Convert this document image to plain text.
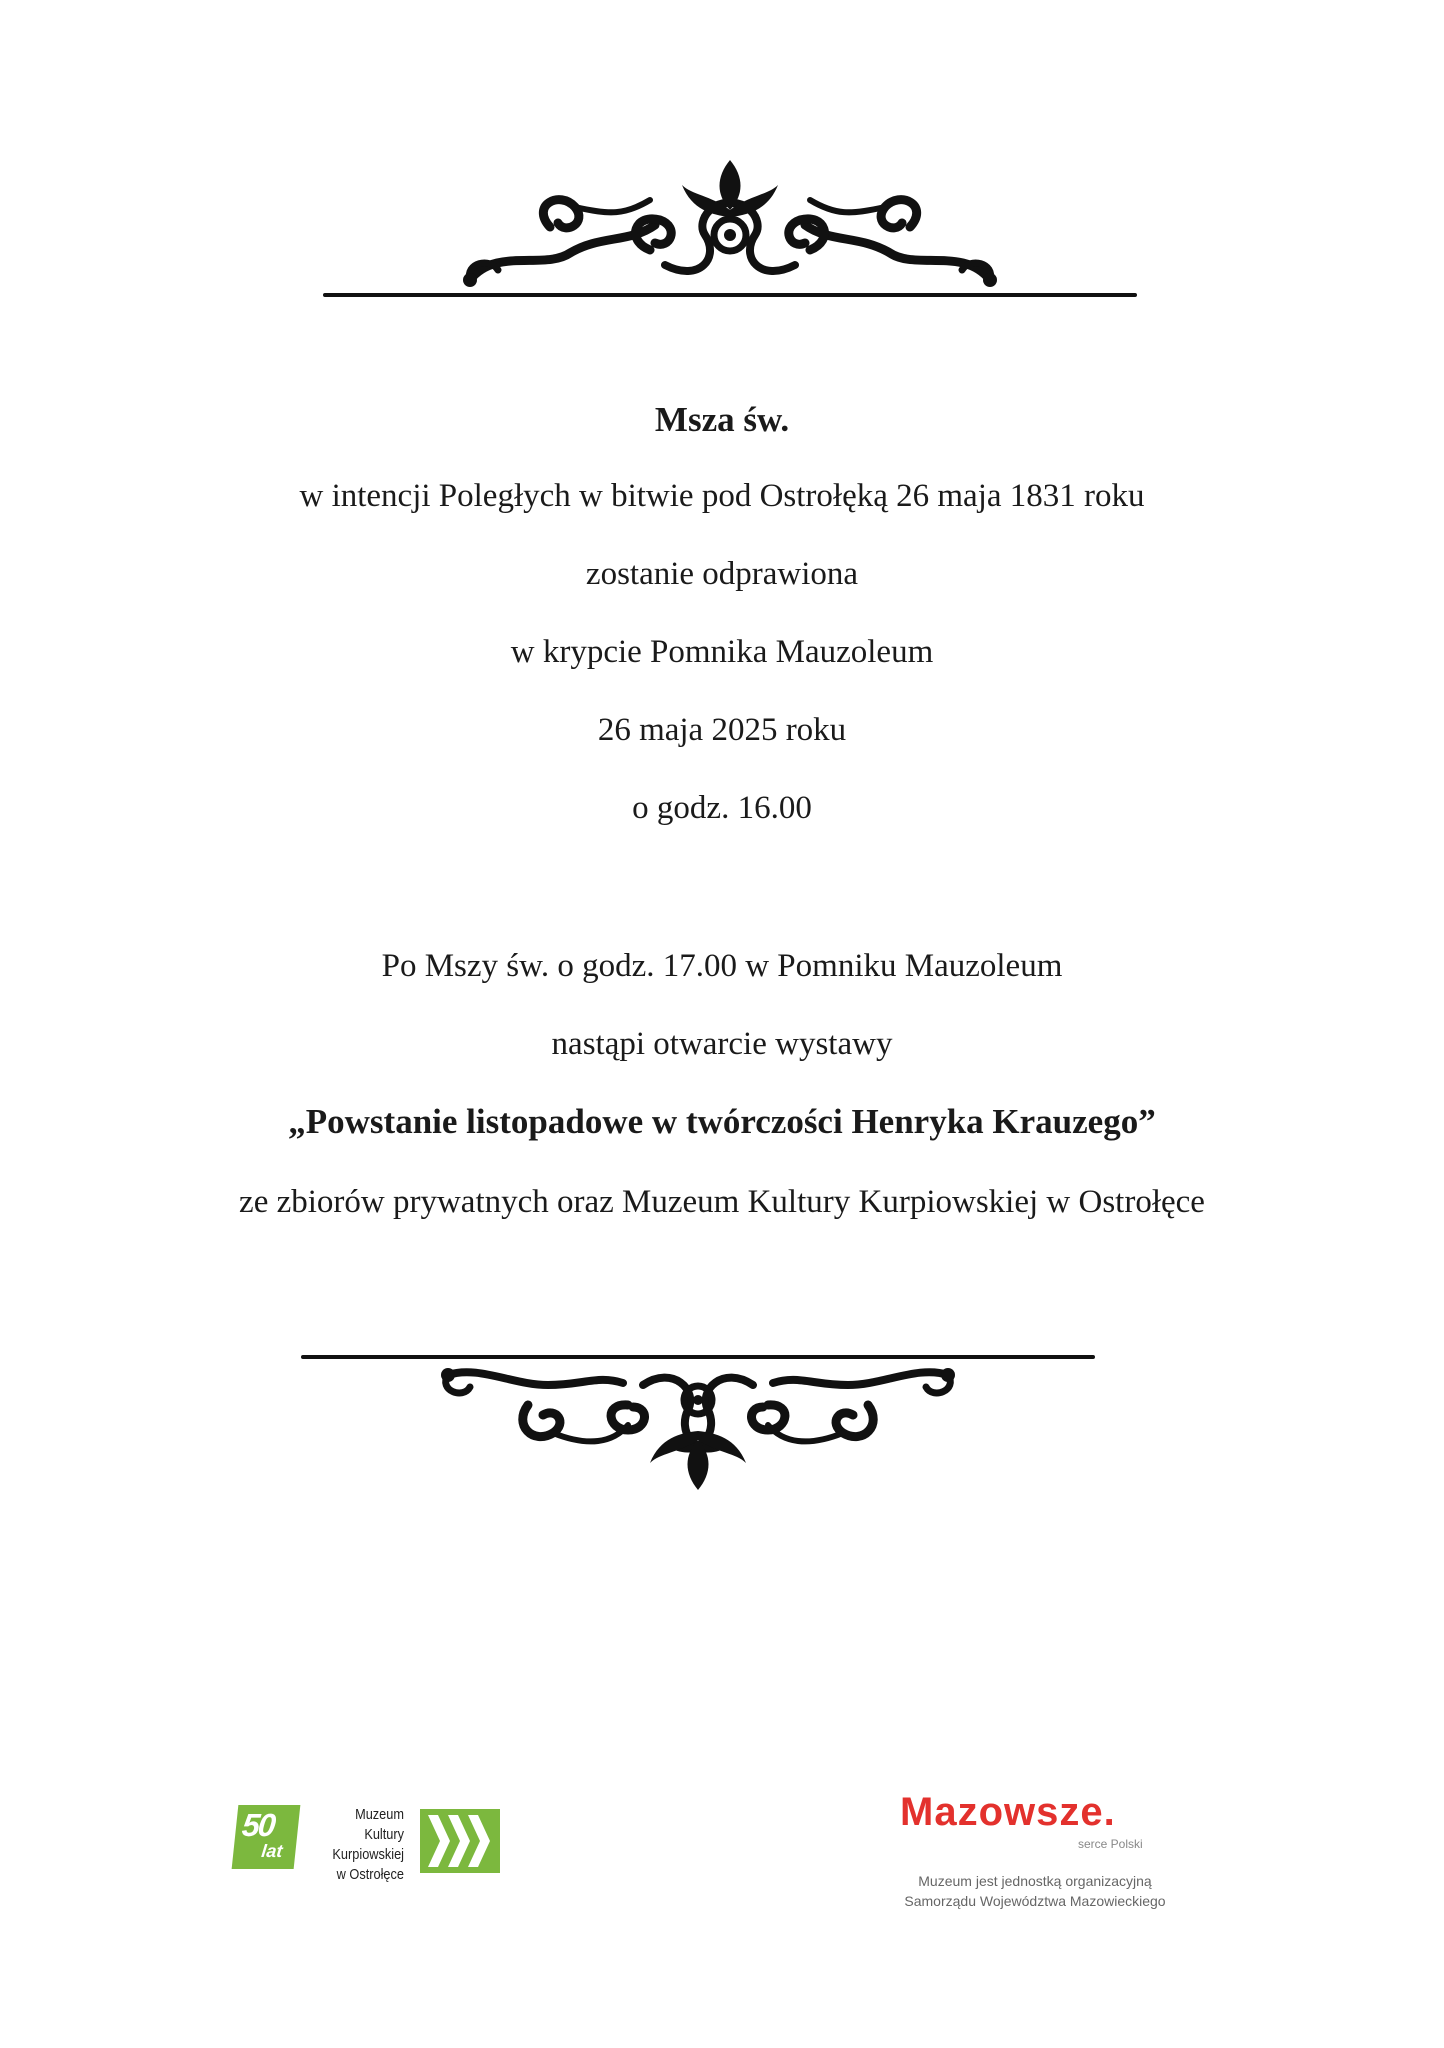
Msza św.
w intencji Poległych w bitwie pod Ostrołęką 26 maja 1831 roku
zostanie odprawiona
w krypcie Pomnika Mauzoleum
26 maja 2025 roku
o godz. 16.00
Po Mszy św. o godz. 17.00 w Pomniku Mauzoleum
nastąpi otwarcie wystawy
„Powstanie listopadowe w twórczości Henryka Krauzego”
ze zbiorów prywatnych oraz Muzeum Kultury Kurpiowskiej w Ostrołęce
50
lat
Muzeum
Kultury
Kurpiowskiej
w Ostrołęce
Mazowsze.
serce Polski
Muzeum jest jednostką organizacyjną
Samorządu Województwa Mazowieckiego
